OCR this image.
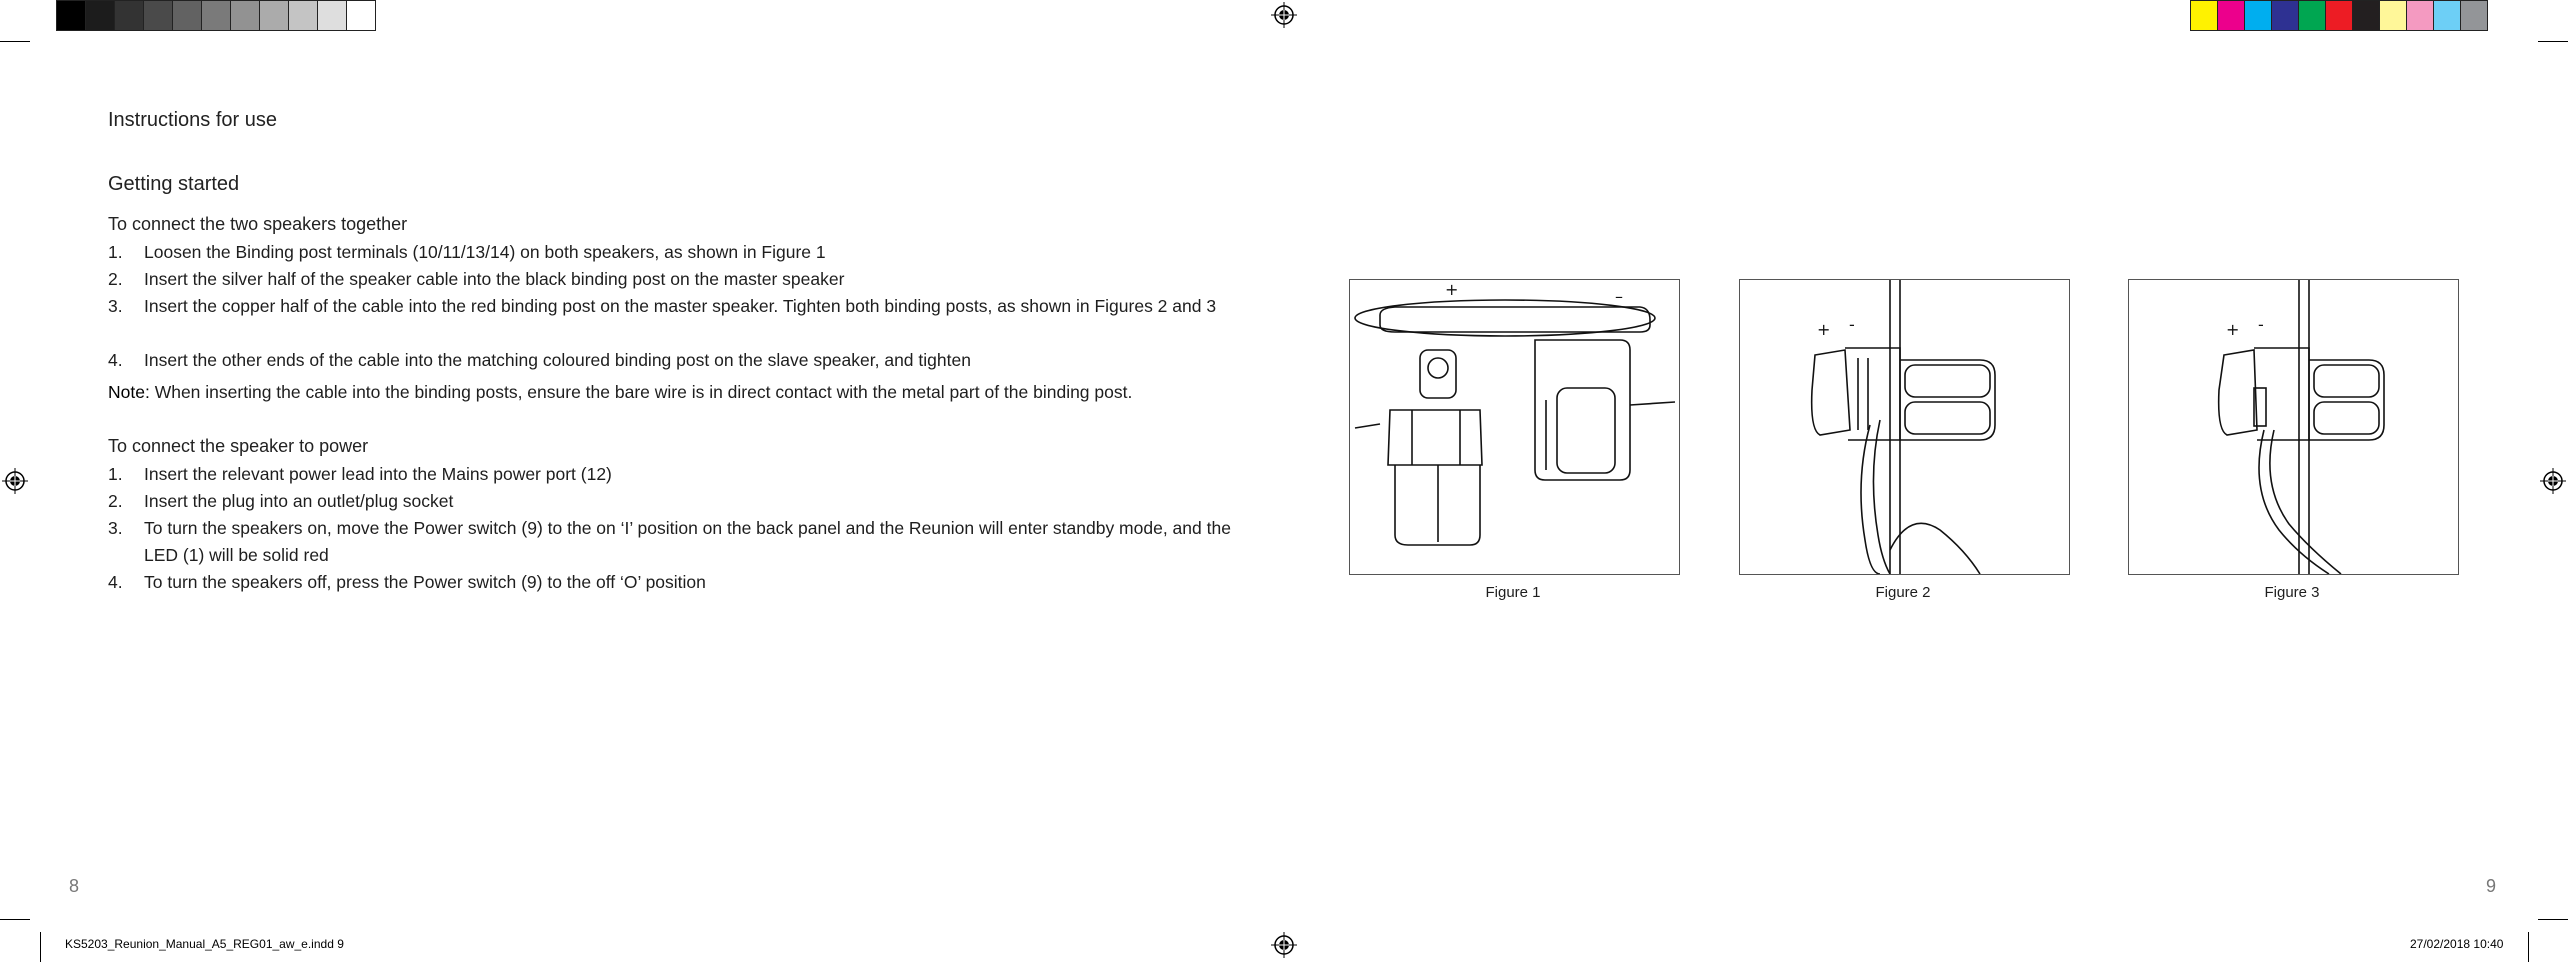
Instructions for use
Getting started
To connect the two speakers together
1. Loosen the Binding post terminals (10/11/13/14) on both speakers, as shown in Figure 1
2. Insert the silver half of the speaker cable into the black binding post on the master speaker
3. Insert the copper half of the cable into the red binding post on the master speaker. Tighten both binding posts, as shown in Figures 2 and 3
4. Insert the other ends of the cable into the matching coloured binding post on the slave speaker, and tighten
Note: When inserting the cable into the binding posts, ensure the bare wire is in direct contact with the metal part of the binding post.
To connect the speaker to power
1. Insert the relevant power lead into the Mains power port (12)
2. Insert the plug into an outlet/plug socket
3. To turn the speakers on, move the Power switch (9) to the on ‘I’ position on the back panel and the Reunion will enter standby mode, and the LED (1) will be solid red
4. To turn the speakers off, press the Power switch (9) to the off ‘O’ position
8
+	–
Figure 1
+ -
Figure 2
+ -
Figure 3
9
KS5203_Reunion_Manual_A5_REG01_aw_e.indd 9	27/02/2018 10:40
